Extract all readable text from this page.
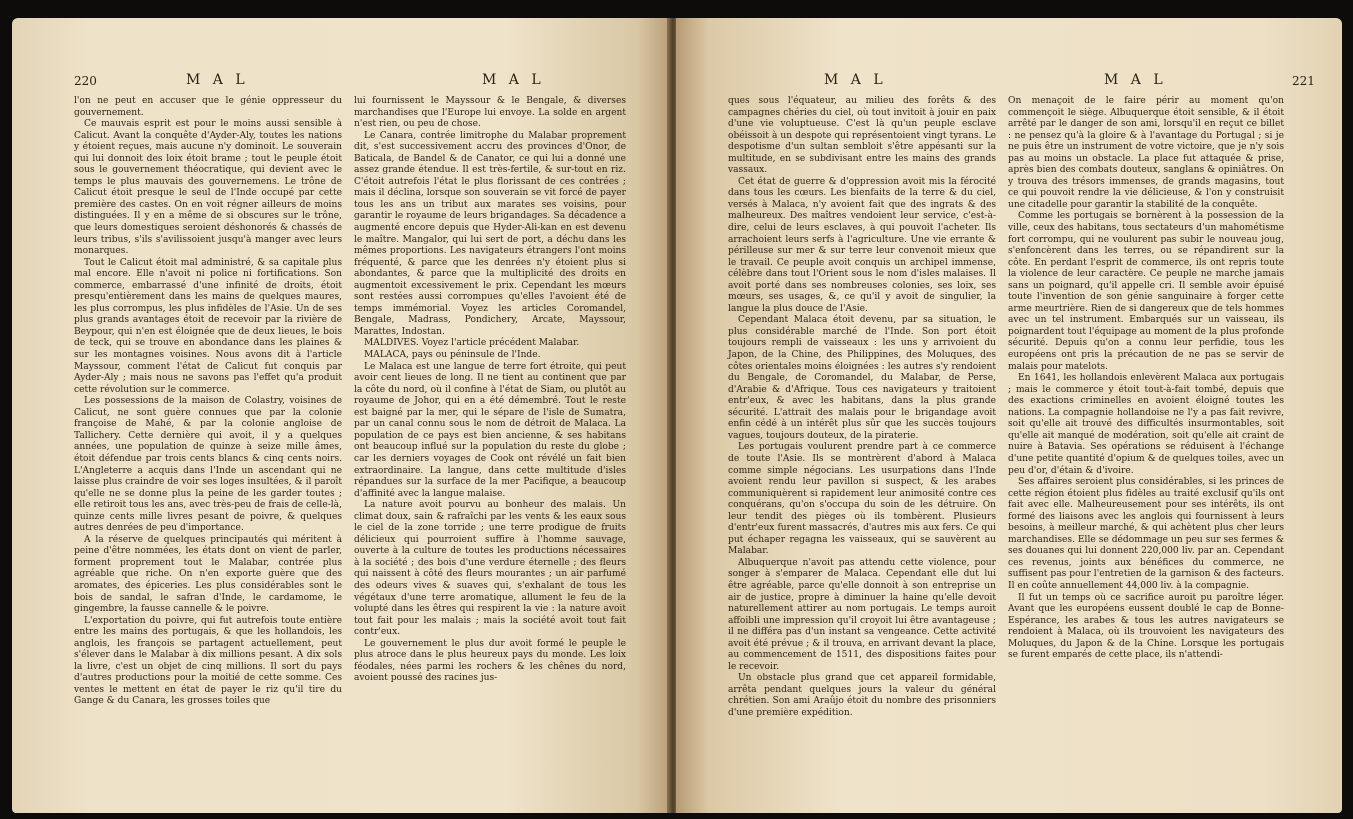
220	M A L	M A L

l'on ne peut en accuser que le génie oppresseur du gouvernement.

Ce mauvais esprit est pour le moins aussi sensible à Calicut. Avant la conquête d'Ayder-Aly, toutes les nations y étoient reçues, mais aucune n'y dominoit. Le souverain qui lui donnoit des loix étoit brame ; tout le peuple étoit sous le gouvernement théocratique, qui devient avec le temps le plus mauvais des gouvernemens. Le trône de Calicut étoit presque le seul de l'Inde occupé par cette première des castes. On en voit régner ailleurs de moins distinguées. Il y en a même de si obscures sur le trône, que leurs domestiques seroient déshonorés & chassés de leurs tribus, s'ils s'avilissoient jusqu'à manger avec leurs monarques.

Tout le Calicut étoit mal administré, & sa capitale plus mal encore. Elle n'avoit ni police ni fortifications. Son commerce, embarrassé d'une infinité de droits, étoit presqu'entièrement dans les mains de quelques maures, les plus corrompus, les plus infidèles de l'Asie. Un de ses plus grands avantages étoit de recevoir par la rivière de Beypour, qui n'en est éloignée que de deux lieues, le bois de teck, qui se trouve en abondance dans les plaines & sur les montagnes voisines. Nous avons dit à l'article Mayssour, comment l'état de Calicut fut conquis par Ayder-Aly ; mais nous ne savons pas l'effet qu'a produit cette révolution sur le commerce.

Les possessions de la maison de Colastry, voisines de Calicut, ne sont guère connues que par la colonie françoise de Mahé, & par la colonie angloise de Tallichery. Cette dernière qui avoit, il y a quelques années, une population de quinze à seize mille âmes, étoit défendue par trois cents blancs & cinq cents noirs. L'Angleterre a acquis dans l'Inde un ascendant qui ne laisse plus craindre de voir ses loges insultées, & il paroît qu'elle ne se donne plus la peine de les garder toutes ; elle retiroit tous les ans, avec très-peu de frais de celle-là, quinze cents mille livres pesant de poivre, & quelques autres denrées de peu d'importance.

A la réserve de quelques principautés qui méritent à peine d'être nommées, les états dont on vient de parler, forment proprement tout le Malabar, contrée plus agréable que riche. On n'en exporte guère que des aromates, des épiceries. Les plus considérables sont le bois de sandal, le safran d'Inde, le cardamome, le gingembre, la fausse cannelle & le poivre.

L'exportation du poivre, qui fut autrefois toute entière entre les mains des portugais, & que les hollandois, les anglois, les françois se partagent actuellement, peut s'élever dans le Malabar à dix millions pesant. A dix sols la livre, c'est un objet de cinq millions. Il sort du pays d'autres productions pour la moitié de cette somme. Ces ventes le mettent en état de payer le riz qu'il tire du Gange & du Canara, les grosses toiles que

lui fournissent le Mayssour & le Bengale, & diverses marchandises que l'Europe lui envoye. La solde en argent n'est rien, ou peu de chose.

Le Canara, contrée limitrophe du Malabar proprement dit, s'est successivement accru des provinces d'Onor, de Baticala, de Bandel & de Canator, ce qui lui a donné une assez grande étendue. Il est très-fertile, & sur-tout en riz. C'étoit autrefois l'état le plus florissant de ces contrées ; mais il déclina, lorsque son souverain se vit forcé de payer tous les ans un tribut aux marates ses voisins, pour garantir le royaume de leurs brigandages. Sa décadence a augmenté encore depuis que Hyder-Ali-kan en est devenu le maître. Mangalor, qui lui sert de port, a déchu dans les mêmes proportions. Les navigateurs étrangers l'ont moins fréquenté, & parce que les denrées n'y étoient plus si abondantes, & parce que la multiplicité des droits en augmentoit excessivement le prix. Cependant les mœurs sont restées aussi corrompues qu'elles l'avoient été de temps immémorial. Voyez les articles Coromandel, Bengale, Madrass, Pondichery, Arcate, Mayssour, Marattes, Indostan.

MALDIVES. Voyez l'article précédent Malabar.

MALACA, pays ou péninsule de l'Inde.

Le Malaca est une langue de terre fort étroite, qui peut avoir cent lieues de long. Il ne tient au continent que par la côte du nord, où il confine à l'état de Siam, ou plutôt au royaume de Johor, qui en a été démembré. Tout le reste est baigné par la mer, qui le sépare de l'isle de Sumatra, par un canal connu sous le nom de détroit de Malaca. La population de ce pays est bien ancienne, & ses habitans ont beaucoup influé sur la population du reste du globe ; car les derniers voyages de Cook ont révélé un fait bien extraordinaire. La langue, dans cette multitude d'isles répandues sur la surface de la mer Pacifique, a beaucoup d'affinité avec la langue malaise.

La nature avoit pourvu au bonheur des malais. Un climat doux, sain & rafraîchi par les vents & les eaux sous le ciel de la zone torride ; une terre prodigue de fruits délicieux qui pourroient suffire à l'homme sauvage, ouverte à la culture de toutes les productions nécessaires à la société ; des bois d'une verdure éternelle ; des fleurs qui naissent à côté des fleurs mourantes ; un air parfumé des odeurs vives & suaves qui, s'exhalant de tous les végétaux d'une terre aromatique, allument le feu de la volupté dans les êtres qui respirent la vie : la nature avoit tout fait pour les malais ; mais la société avoit tout fait contr'eux.

Le gouvernement le plus dur avoit formé le peuple le plus atroce dans le plus heureux pays du monde. Les loix féodales, nées parmi les rochers & les chênes du nord, avoient poussé des racines jus-

M A L	M A L	221

ques sous l'équateur, au milieu des forêts & des campagnes chéries du ciel, où tout invitoit à jouir en paix d'une vie voluptueuse. C'est là qu'un peuple esclave obéissoit à un despote qui représentoient vingt tyrans. Le despotisme d'un sultan sembloit s'être appésanti sur la multitude, en se subdivisant entre les mains des grands vassaux.

Cet état de guerre & d'oppression avoit mis la férocité dans tous les cœurs. Les bienfaits de la terre & du ciel, versés à Malaca, n'y avoient fait que des ingrats & des malheureux. Des maîtres vendoient leur service, c'est-à-dire, celui de leurs esclaves, à qui pouvoit l'acheter. Ils arrachoient leurs serfs à l'agriculture. Une vie errante & périlleuse sur mer & sur terre leur convenoit mieux que le travail. Ce peuple avoit conquis un archipel immense, célèbre dans tout l'Orient sous le nom d'isles malaises. Il avoit porté dans ses nombreuses colonies, ses loix, ses mœurs, ses usages, &, ce qu'il y avoit de singulier, la langue la plus douce de l'Asie.

Cependant Malaca étoit devenu, par sa situation, le plus considérable marché de l'Inde. Son port étoit toujours rempli de vaisseaux : les uns y arrivoient du Japon, de la Chine, des Philippines, des Moluques, des côtes orientales moins éloignées : les autres s'y rendoient du Bengale, de Coromandel, du Malabar, de Perse, d'Arabie & d'Afrique. Tous ces navigateurs y traitoient entr'eux, & avec les habitans, dans la plus grande sécurité. L'attrait des malais pour le brigandage avoit enfin cédé à un intérêt plus sûr que les succès toujours vagues, toujours douteux, de la piraterie.

Les portugais voulurent prendre part à ce commerce de toute l'Asie. Ils se montrèrent d'abord à Malaca comme simple négocians. Les usurpations dans l'Inde avoient rendu leur pavillon si suspect, & les arabes communiquèrent si rapidement leur animosité contre ces conquérans, qu'on s'occupa du soin de les détruire. On leur tendit des pièges où ils tombèrent. Plusieurs d'entr'eux furent massacrés, d'autres mis aux fers. Ce qui put échaper regagna les vaisseaux, qui se sauvèrent au Malabar.

Albuquerque n'avoit pas attendu cette violence, pour songer à s'emparer de Malaca. Cependant elle dut lui être agréable, parce qu'elle donnoit à son entreprise un air de justice, propre à diminuer la haine qu'elle devoit naturellement attirer au nom portugais. Le temps auroit affoibli une impression qu'il croyoit lui être avantageuse ; il ne différa pas d'un instant sa vengeance. Cette activité avoit été prévue ; & il trouva, en arrivant devant la place, au commencement de 1511, des dispositions faites pour le recevoir.

Un obstacle plus grand que cet appareil formidable, arrêta pendant quelques jours la valeur du général chrétien. Son ami Araûjo étoit du nombre des prisonniers d'une première expédition.

On menaçoit de le faire périr au moment qu'on commençoit le siège. Albuquerque étoit sensible, & il étoit arrêté par le danger de son ami, lorsqu'il en reçut ce billet : ne pensez qu'à la gloire & à l'avantage du Portugal ; si je ne puis être un instrument de votre victoire, que je n'y sois pas au moins un obstacle. La place fut attaquée & prise, après bien des combats douteux, sanglans & opiniâtres. On y trouva des trésors immenses, de grands magasins, tout ce qui pouvoit rendre la vie délicieuse, & l'on y construisit une citadelle pour garantir la stabilité de la conquête.

Comme les portugais se bornèrent à la possession de la ville, ceux des habitans, tous sectateurs d'un mahométisme fort corrompu, qui ne voulurent pas subir le nouveau joug, s'enfoncèrent dans les terres, ou se répandirent sur la côte. En perdant l'esprit de commerce, ils ont repris toute la violence de leur caractère. Ce peuple ne marche jamais sans un poignard, qu'il appelle cri. Il semble avoir épuisé toute l'invention de son génie sanguinaire à forger cette arme meurtrière. Rien de si dangereux que de tels hommes avec un tel instrument. Embarqués sur un vaisseau, ils poignardent tout l'équipage au moment de la plus profonde sécurité. Depuis qu'on a connu leur perfidie, tous les européens ont pris la précaution de ne pas se servir de malais pour matelots.

En 1641, les hollandois enlevèrent Malaca aux portugais ; mais le commerce y étoit tout-à-fait tombé, depuis que des exactions criminelles en avoient éloigné toutes les nations. La compagnie hollandoise ne l'y a pas fait revivre, soit qu'elle ait trouvé des difficultés insurmontables, soit qu'elle ait manqué de modération, soit qu'elle ait craint de nuire à Batavia. Ses opérations se réduisent à l'échange d'une petite quantité d'opium & de quelques toiles, avec un peu d'or, d'étain & d'ivoire.

Ses affaires seroient plus considérables, si les princes de cette région étoient plus fidèles au traité exclusif qu'ils ont fait avec elle. Malheureusement pour ses intérêts, ils ont formé des liaisons avec les anglois qui fournissent à leurs besoins, à meilleur marché, & qui achètent plus cher leurs marchandises. Elle se dédommage un peu sur ses fermes & ses douanes qui lui donnent 220,000 liv. par an. Cependant ces revenus, joints aux bénéfices du commerce, ne suffisent pas pour l'entretien de la garnison & des facteurs. Il en coûte annuellement 44,000 liv. à la compagnie.

Il fut un temps où ce sacrifice auroit pu paroître léger. Avant que les européens eussent doublé le cap de Bonne-Espérance, les arabes & tous les autres navigateurs se rendoient à Malaca, où ils trouvoient les navigateurs des Moluques, du Japon & de la Chine. Lorsque les portugais se furent emparés de cette place, ils n'attendi-
